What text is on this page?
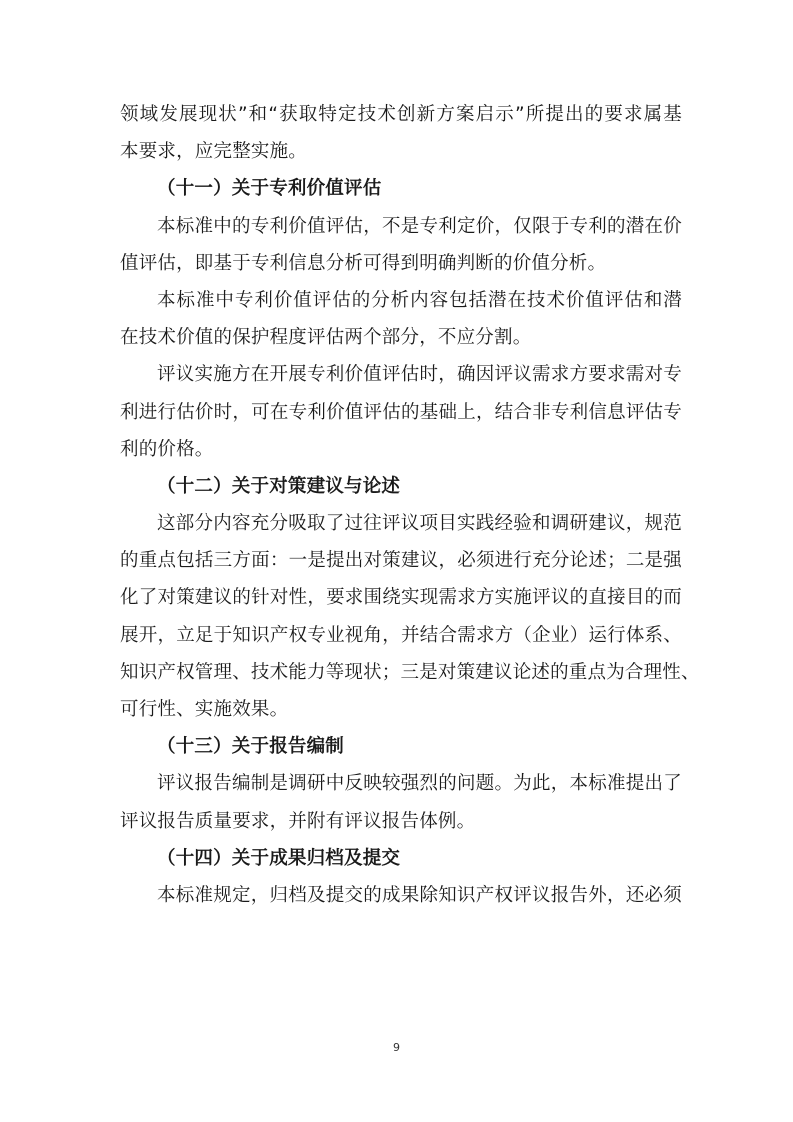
领域发展现状”和“获取特定技术创新方案启示”所提出的要求属基
本要求，应完整实施。
（十一）关于专利价值评估
本标准中的专利价值评估，不是专利定价，仅限于专利的潜在价
值评估，即基于专利信息分析可得到明确判断的价值分析。
本标准中专利价值评估的分析内容包括潜在技术价值评估和潜
在技术价值的保护程度评估两个部分，不应分割。
评议实施方在开展专利价值评估时，确因评议需求方要求需对专
利进行估价时，可在专利价值评估的基础上，结合非专利信息评估专
利的价格。
（十二）关于对策建议与论述
这部分内容充分吸取了过往评议项目实践经验和调研建议，规范
的重点包括三方面：一是提出对策建议，必须进行充分论述；二是强
化了对策建议的针对性，要求围绕实现需求方实施评议的直接目的而
展开，立足于知识产权专业视角，并结合需求方（企业）运行体系、
知识产权管理、技术能力等现状；三是对策建议论述的重点为合理性、
可行性、实施效果。
（十三）关于报告编制
评议报告编制是调研中反映较强烈的问题。为此，本标准提出了
评议报告质量要求，并附有评议报告体例。
（十四）关于成果归档及提交
本标准规定，归档及提交的成果除知识产权评议报告外，还必须
9
